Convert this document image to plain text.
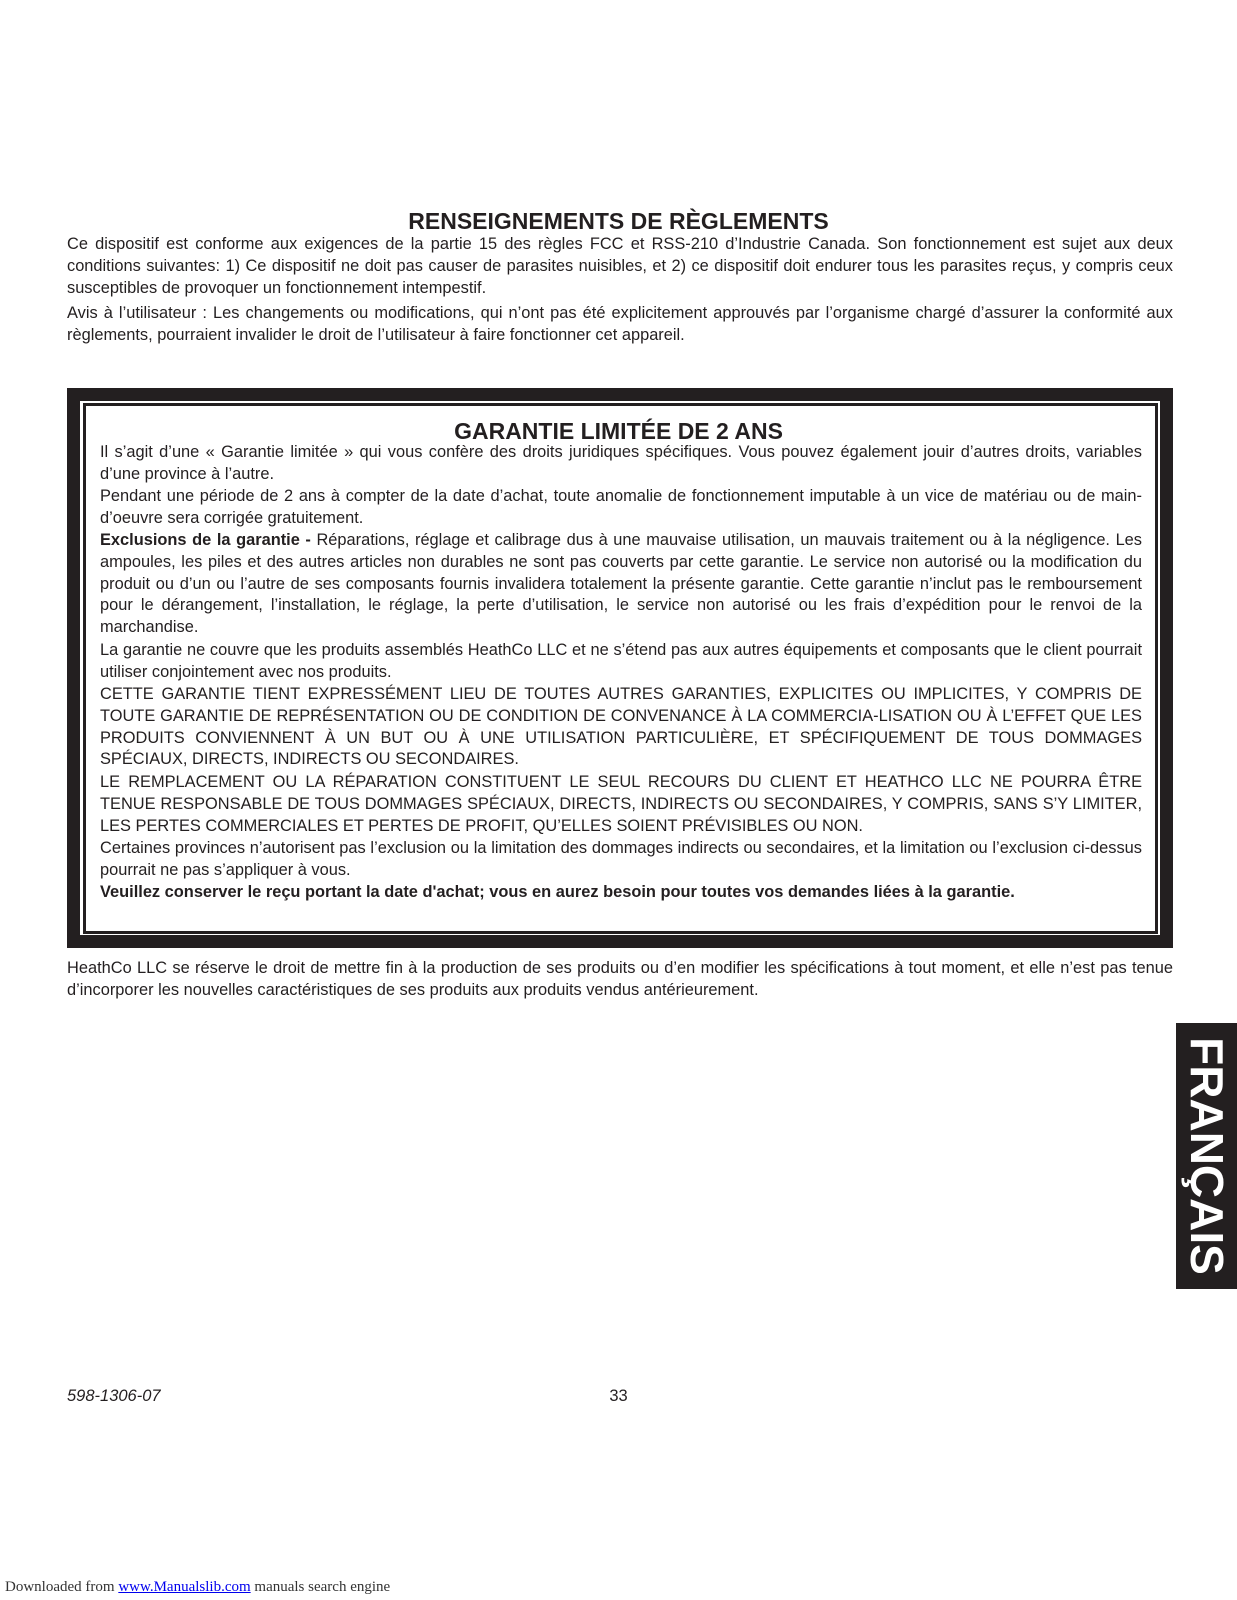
RENSEIGNEMENTS DE RÈGLEMENTS

Ce dispositif est conforme aux exigences de la partie 15 des règles FCC et RSS-210 d’Industrie Canada. Son fonctionnement est sujet aux deux conditions suivantes: 1) Ce dispositif ne doit pas causer de parasites nuisibles, et 2) ce dispositif doit endurer tous les parasites reçus, y compris ceux susceptibles de provoquer un fonctionnement intempestif.

Avis à l’utilisateur : Les changements ou modifications, qui n’ont pas été explicitement approuvés par l’organisme chargé d’assurer la conformité aux règlements, pourraient invalider le droit de l’utilisateur à faire fonctionner cet appareil.

GARANTIE LIMITÉE DE 2 ANS

Il s’agit d’une « Garantie limitée » qui vous confère des droits juridiques spécifiques. Vous pouvez également jouir d’autres droits, variables d’une province à l’autre.

Pendant une période de 2 ans à compter de la date d’achat, toute anomalie de fonctionnement imputable à un vice de matériau ou de main-d’oeuvre sera corrigée gratuitement.

Exclusions de la garantie - Réparations, réglage et calibrage dus à une mauvaise utilisation, un mauvais traitement ou à la négligence. Les ampoules, les piles et des autres articles non durables ne sont pas couverts par cette garantie. Le service non autorisé ou la modification du produit ou d’un ou l’autre de ses composants fournis invalidera totalement la présente garantie. Cette garantie n’inclut pas le remboursement pour le dérangement, l’installation, le réglage, la perte d’utilisation, le service non autorisé ou les frais d’expédition pour le renvoi de la marchandise.

La garantie ne couvre que les produits assemblés HeathCo LLC et ne s’étend pas aux autres équipements et composants que le client pourrait utiliser conjointement avec nos produits.

CETTE GARANTIE TIENT EXPRESSÉMENT LIEU DE TOUTES AUTRES GARANTIES, EXPLICITES OU IMPLICITES, Y COMPRIS DE TOUTE GARANTIE DE REPRÉSENTATION OU DE CONDITION DE CONVENANCE À LA COMMERCIA-LISATION OU À L’EFFET QUE LES PRODUITS CONVIENNENT À UN BUT OU À UNE UTILISATION PARTICULIÈRE, ET SPÉCIFIQUEMENT DE TOUS DOMMAGES SPÉCIAUX, DIRECTS, INDIRECTS OU SECONDAIRES.

LE REMPLACEMENT OU LA RÉPARATION CONSTITUENT LE SEUL RECOURS DU CLIENT ET HEATHCO LLC NE POURRA ÊTRE TENUE RESPONSABLE DE TOUS DOMMAGES SPÉCIAUX, DIRECTS, INDIRECTS OU SECONDAIRES, Y COMPRIS, SANS S’Y LIMITER, LES PERTES COMMERCIALES ET PERTES DE PROFIT, QU’ELLES SOIENT PRÉVISIBLES OU NON.

Certaines provinces n’autorisent pas l’exclusion ou la limitation des dommages indirects ou secondaires, et la limitation ou l’exclusion ci-dessus pourrait ne pas s’appliquer à vous.

Veuillez conserver le reçu portant la date d'achat; vous en aurez besoin pour toutes vos demandes liées à la garantie.

HeathCo LLC se réserve le droit de mettre fin à la production de ses produits ou d’en modifier les spécifications à tout moment, et elle n’est pas tenue d’incorporer les nouvelles caractéristiques de ses produits aux produits vendus antérieurement.

FRANÇAIS
598-1306-07	33
Downloaded from www.Manualslib.com manuals search engine
